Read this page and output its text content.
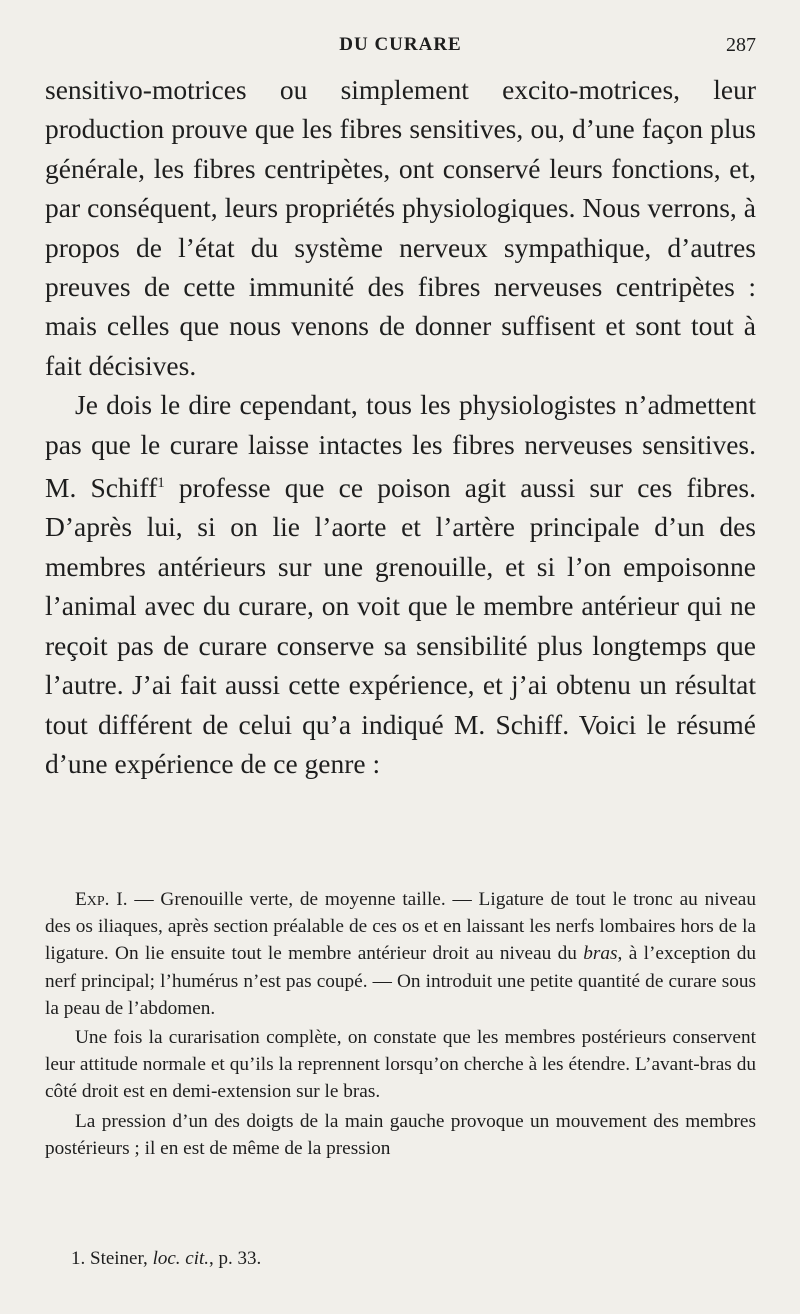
DU CURARE	287

sensitivo-motrices ou simplement excito-motrices, leur production prouve que les fibres sensitives, ou, d’une façon plus générale, les fibres centripètes, ont conservé leurs fonctions, et, par conséquent, leurs propriétés physiologiques. Nous verrons, à propos de l’état du système nerveux sympathique, d’autres preuves de cette immunité des fibres nerveuses centripètes : mais celles que nous venons de donner suffisent et sont tout à fait décisives.

Je dois le dire cependant, tous les physiologistes n’admettent pas que le curare laisse intactes les fibres nerveuses sensitives. M. Schiff$^1$ professe que ce poison agit aussi sur ces fibres. D’après lui, si on lie l’aorte et l’artère principale d’un des membres antérieurs sur une grenouille, et si l’on empoisonne l’animal avec du curare, on voit que le membre antérieur qui ne reçoit pas de curare conserve sa sensibilité plus longtemps que l’autre. J’ai fait aussi cette expérience, et j’ai obtenu un résultat tout différent de celui qu’a indiqué M. Schiff. Voici le résumé d’une expérience de ce genre :

Exp. I. — Grenouille verte, de moyenne taille. — Ligature de tout le tronc au niveau des os iliaques, après section préalable de ces os et en laissant les nerfs lombaires hors de la ligature. On lie ensuite tout le membre antérieur droit au niveau du bras, à l’exception du nerf principal; l’humérus n’est pas coupé. — On introduit une petite quantité de curare sous la peau de l’abdomen.

Une fois la curarisation complète, on constate que les membres postérieurs conservent leur attitude normale et qu’ils la reprennent lorsqu’on cherche à les étendre. L’avant-bras du côté droit est en demi-extension sur le bras.

La pression d’un des doigts de la main gauche provoque un mouvement des membres postérieurs ; il en est de même de la pression

1. Steiner, loc. cit., p. 33.
